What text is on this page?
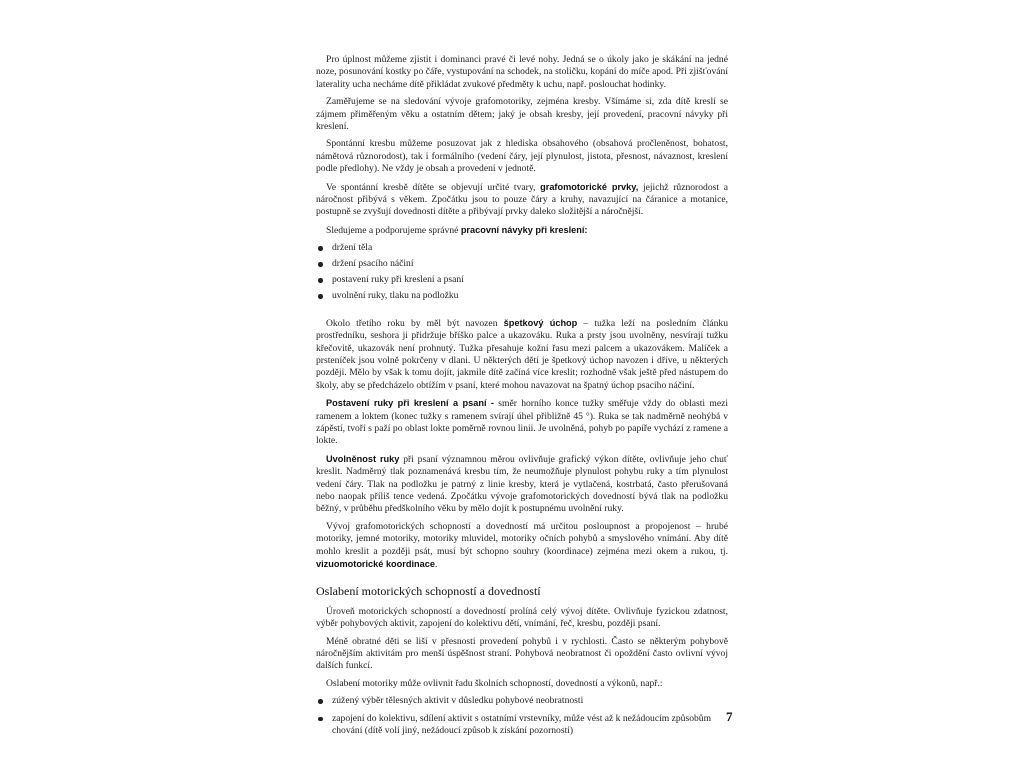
Pro úplnost můžeme zjistit i dominanci pravé či levé nohy. Jedná se o úkoly jako je skákání na jedné noze, posunování kostky po čáře, vystupování na schodek, na stoličku, kopání do míče apod. Při zjišťování laterality ucha necháme dítě přikládat zvukové předměty k uchu, např. poslouchat hodinky.

Zaměřujeme se na sledování vývoje grafomotoriky, zejména kresby. Všímáme si, zda dítě kreslí se zájmem přiměřeným věku a ostatním dětem; jaký je obsah kresby, její provedení, pracovní návyky při kreslení.

Spontánní kresbu můžeme posuzovat jak z hlediska obsahového (obsahová pročleněnost, bohatost, námětová různorodost), tak i formálního (vedení čáry, její plynulost, jistota, přesnost, návaznost, kreslení podle předlohy). Ne vždy je obsah a provedení v jednotě.

Ve spontánní kresbě dítěte se objevují určité tvary, grafomotorické prvky, jejichž různorodost a náročnost přibývá s věkem. Zpočátku jsou to pouze čáry a kruhy, navazující na čáranice a motanice, postupně se zvyšují dovednosti dítěte a přibývají prvky daleko složitější a náročnější.

Sledujeme a podporujeme správné pracovní návyky při kreslení:

držení těla
držení psacího náčiní
postavení ruky při kreslení a psaní
uvolnění ruky, tlaku na podložku

Okolo třetího roku by měl být navozen špetkový úchop – tužka leží na posledním článku prostředníku, seshora ji přidržuje bříško palce a ukazováku. Ruka a prsty jsou uvolněny, nesvírají tužku křečovitě, ukazovák není prohnutý. Tužka přesahuje kožní řasu mezi palcem a ukazovákem. Malíček a prsteníček jsou volně pokrčeny v dlani. U některých dětí je špetkový úchop navozen i dříve, u některých později. Mělo by však k tomu dojít, jakmile dítě začíná více kreslit; rozhodně však ještě před nástupem do školy, aby se předcházelo obtížím v psaní, které mohou navazovat na špatný úchop psacího náčiní.

Postavení ruky při kreslení a psaní - směr horního konce tužky směřuje vždy do oblasti mezi ramenem a loktem (konec tužky s ramenem svírají úhel přibližně 45 °). Ruka se tak nadměrně neohýbá v zápěstí, tvoří s paží po oblast lokte poměrně rovnou linii. Je uvolněná, pohyb po papíře vychází z ramene a lokte.

Uvolněnost ruky při psaní významnou měrou ovlivňuje grafický výkon dítěte, ovlivňuje jeho chuť kreslit. Nadměrný tlak poznamenává kresbu tím, že neumožňuje plynulost pohybu ruky a tím plynulost vedení čáry. Tlak na podložku je patrný z linie kresby, která je vytlačená, kostrbatá, často přerušovaná nebo naopak příliš tence vedená. Zpočátku vývoje grafomotorických dovedností bývá tlak na podložku běžný, v průběhu předškolního věku by mělo dojít k postupnému uvolnění ruky.

Vývoj grafomotorických schopností a dovedností má určitou posloupnost a propojenost – hrubé motoriky, jemné motoriky, motoriky mluvidel, motoriky očních pohybů a smyslového vnímání. Aby dítě mohlo kreslit a později psát, musí být schopno souhry (koordinace) zejména mezi okem a rukou, tj. vizuomotorické koordinace.

Oslabení motorických schopností a dovedností

Úroveň motorických schopností a dovedností prolíná celý vývoj dítěte. Ovlivňuje fyzickou zdatnost, výběr pohybových aktivit, zapojení do kolektivu dětí, vnímání, řeč, kresbu, později psaní.

Méně obratné děti se liší v přesnosti provedení pohybů i v rychlosti. Často se některým pohybově náročnějším aktivitám pro menší úspěšnost straní. Pohybová neobratnost či opoždění často ovlivní vývoj dalších funkcí.

Oslabení motoriky může ovlivnit řadu školních schopností, dovedností a výkonů, např.:

zúžený výběr tělesných aktivit v důsledku pohybové neobratnosti
zapojení do kolektivu, sdílení aktivit s ostatními vrstevníky, může vést až k nežádoucím způsobům chování (dítě volí jiný, nežádoucí způsob k získání pozornosti)
7
